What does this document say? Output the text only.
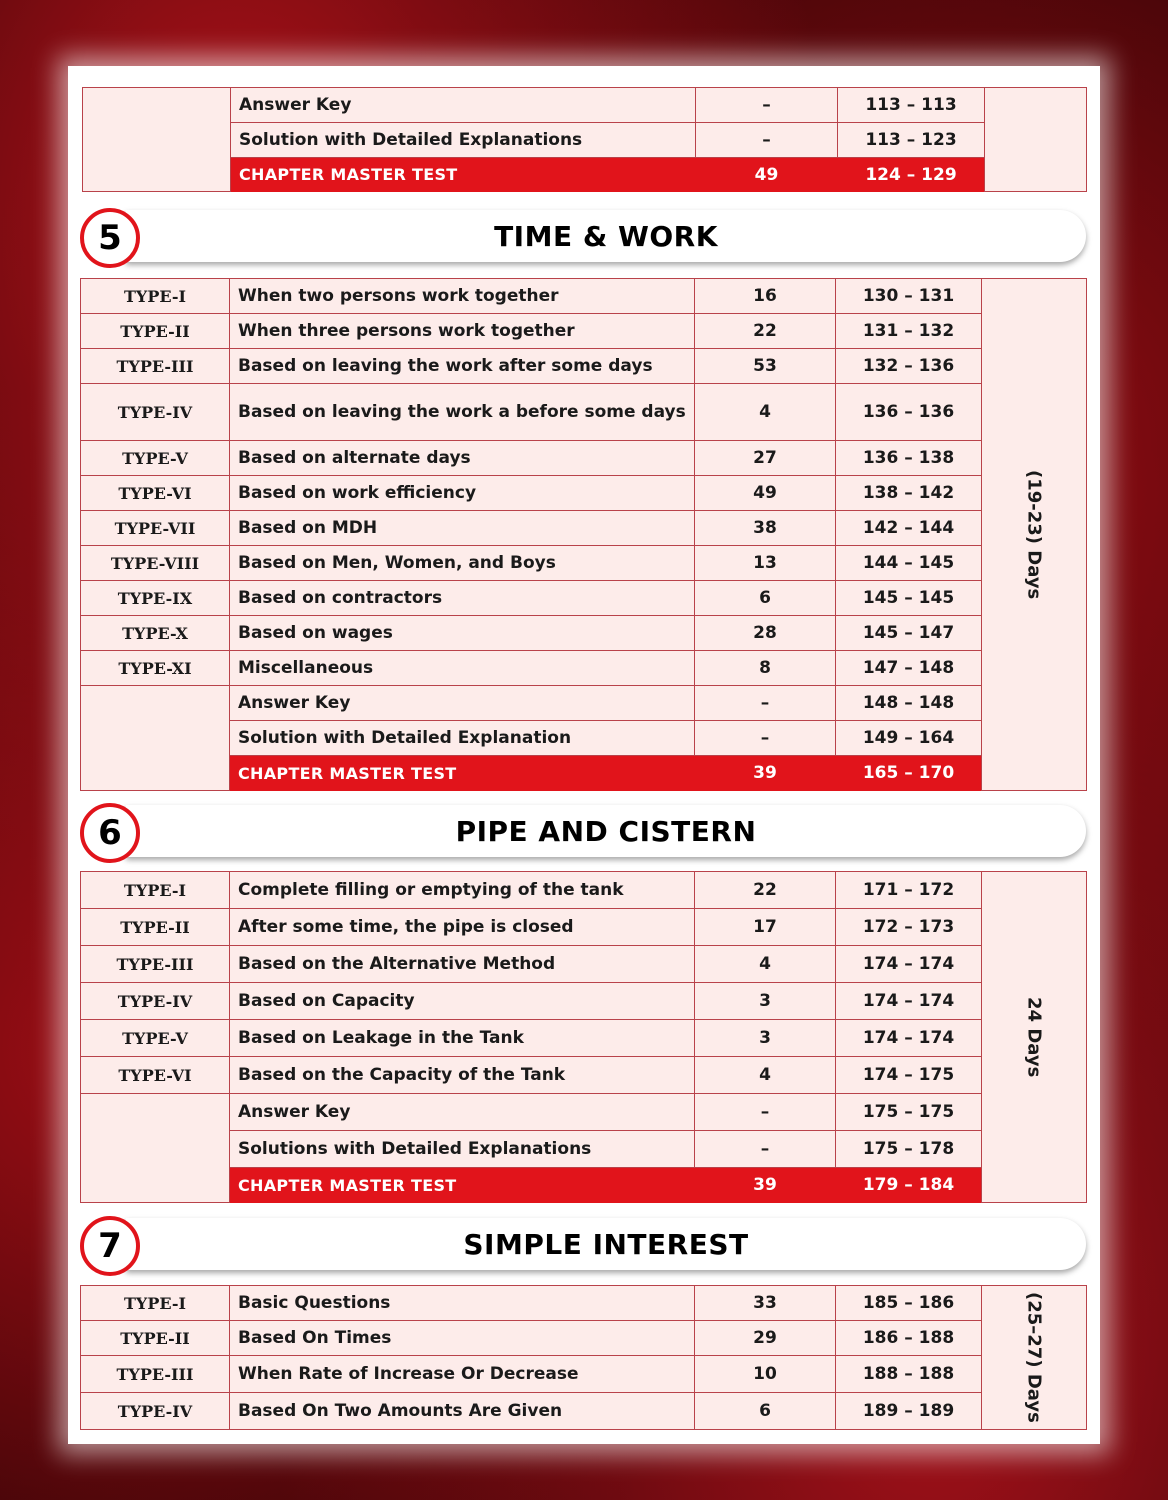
	Answer Key	–	113 – 113	
	Solution with Detailed Explanations	–	113 – 123	
	CHAPTER MASTER TEST	49	124 – 129	
5	TIME & WORK
TYPE-I	When two persons work together	16	130 – 131	(19-23) Days

TYPE-II	When three persons work together	22	131 – 132	
TYPE-III	Based on leaving the work after some days	53	132 – 136	
TYPE-IV	Based on leaving the work a before some days	4	136 – 136	
TYPE-V	Based on alternate days	27	136 – 138	
TYPE-VI	Based on work efficiency	49	138 – 142	
TYPE-VII	Based on MDH	38	142 – 144	
TYPE-VIII	Based on Men, Women, and Boys	13	144 – 145	
TYPE-IX	Based on contractors	6	145 – 145	
TYPE-X	Based on wages	28	145 – 147	
TYPE-XI	Miscellaneous	8	147 – 148	
	Answer Key	–	148 – 148	
	Solution with Detailed Explanation	–	149 – 164	
	CHAPTER MASTER TEST	39	165 – 170	
6	PIPE AND CISTERN
TYPE-I	Complete filling or emptying of the tank	22	171 – 172	24 Days

TYPE-II	After some time, the pipe is closed	17	172 – 173	
TYPE-III	Based on the Alternative Method	4	174 – 174	
TYPE-IV	Based on Capacity	3	174 – 174	
TYPE-V	Based on Leakage in the Tank	3	174 – 174	
TYPE-VI	Based on the Capacity of the Tank	4	174 – 175	
	Answer Key	–	175 – 175	
	Solutions with Detailed Explanations	–	175 – 178	
	CHAPTER MASTER TEST	39	179 – 184	
7	SIMPLE INTEREST
TYPE-I	Basic Questions	33	185 – 186	(25–27) Days

TYPE-II	Based On Times	29	186 – 188	
TYPE-III	When Rate of Increase Or Decrease	10	188 – 188	
TYPE-IV	Based On Two Amounts Are Given	6	189 – 189	
